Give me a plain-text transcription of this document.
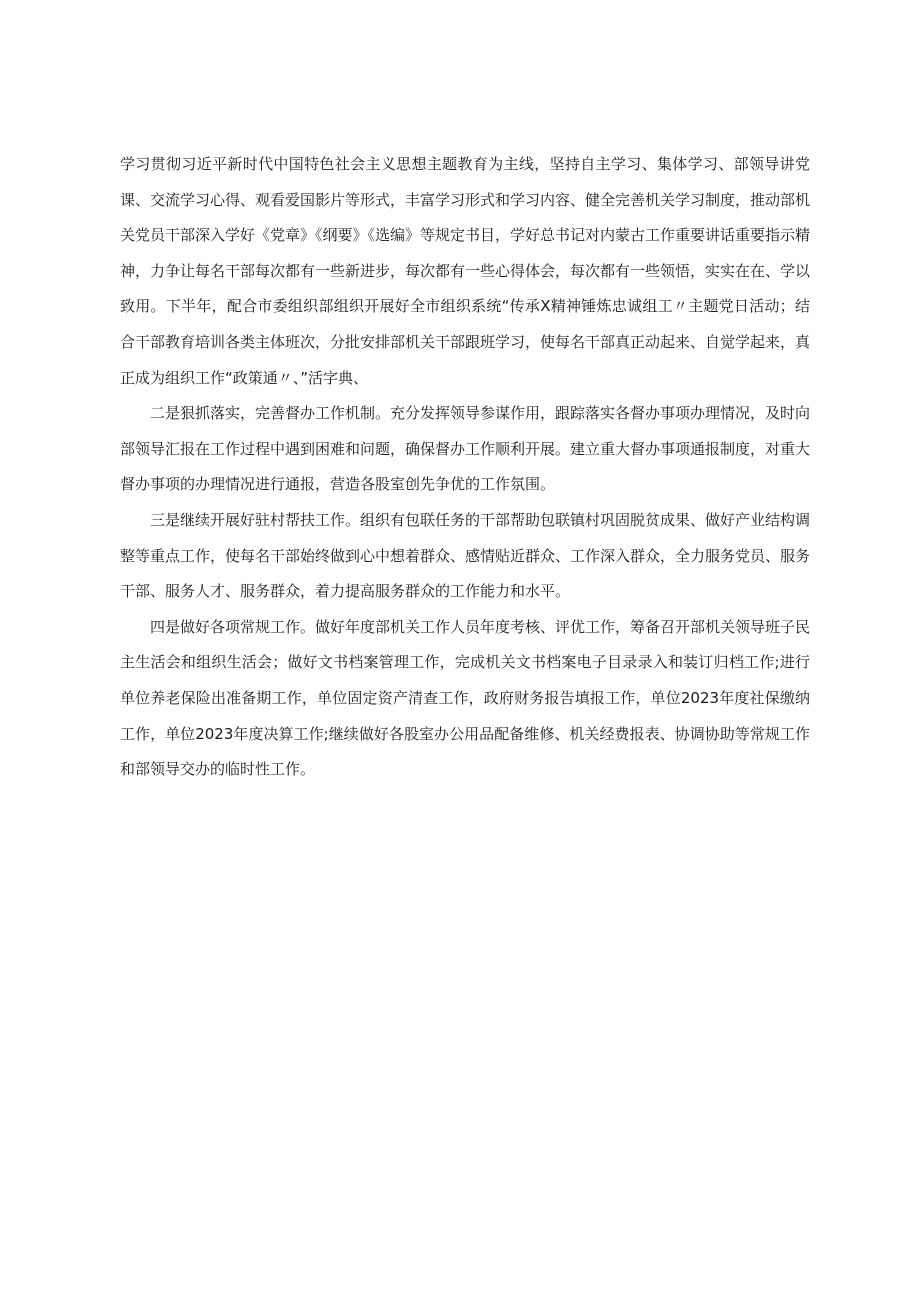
学习贯彻习近平新时代中国特色社会主义思想主题教育为主线，坚持自主学习、集体学习、部领导讲党课、交流学习心得、观看爱国影片等形式，丰富学习形式和学习内容、健全完善机关学习制度，推动部机关党员干部深入学好《党章》《纲要》《选编》等规定书目，学好总书记对内蒙古工作重要讲话重要指示精神，力争让每名干部每次都有一些新进步，每次都有一些心得体会，每次都有一些领悟，实实在在、学以致用。下半年，配合市委组织部组织开展好全市组织系统“传承X精神锤炼忠诚组工〃主题党日活动；结合干部教育培训各类主体班次，分批安排部机关干部跟班学习，使每名干部真正动起来、自觉学起来，真正成为组织工作“政策通〃、”活字典、

二是狠抓落实，完善督办工作机制。充分发挥领导参谋作用，跟踪落实各督办事项办理情况，及时向部领导汇报在工作过程中遇到困难和问题，确保督办工作顺利开展。建立重大督办事项通报制度，对重大督办事项的办理情况进行通报，营造各股室创先争优的工作氛围。

三是继续开展好驻村帮扶工作。组织有包联任务的干部帮助包联镇村巩固脱贫成果、做好产业结构调整等重点工作，使每名干部始终做到心中想着群众、感情贴近群众、工作深入群众，全力服务党员、服务干部、服务人才、服务群众，着力提高服务群众的工作能力和水平。

四是做好各项常规工作。做好年度部机关工作人员年度考核、评优工作，筹备召开部机关领导班子民主生活会和组织生活会；做好文书档案管理工作，完成机关文书档案电子目录录入和装订归档工作;进行单位养老保险出准备期工作，单位固定资产清查工作，政府财务报告填报工作，单位2023年度社保缴纳工作，单位2023年度决算工作;继续做好各股室办公用品配备维修、机关经费报表、协调协助等常规工作和部领导交办的临时性工作。
